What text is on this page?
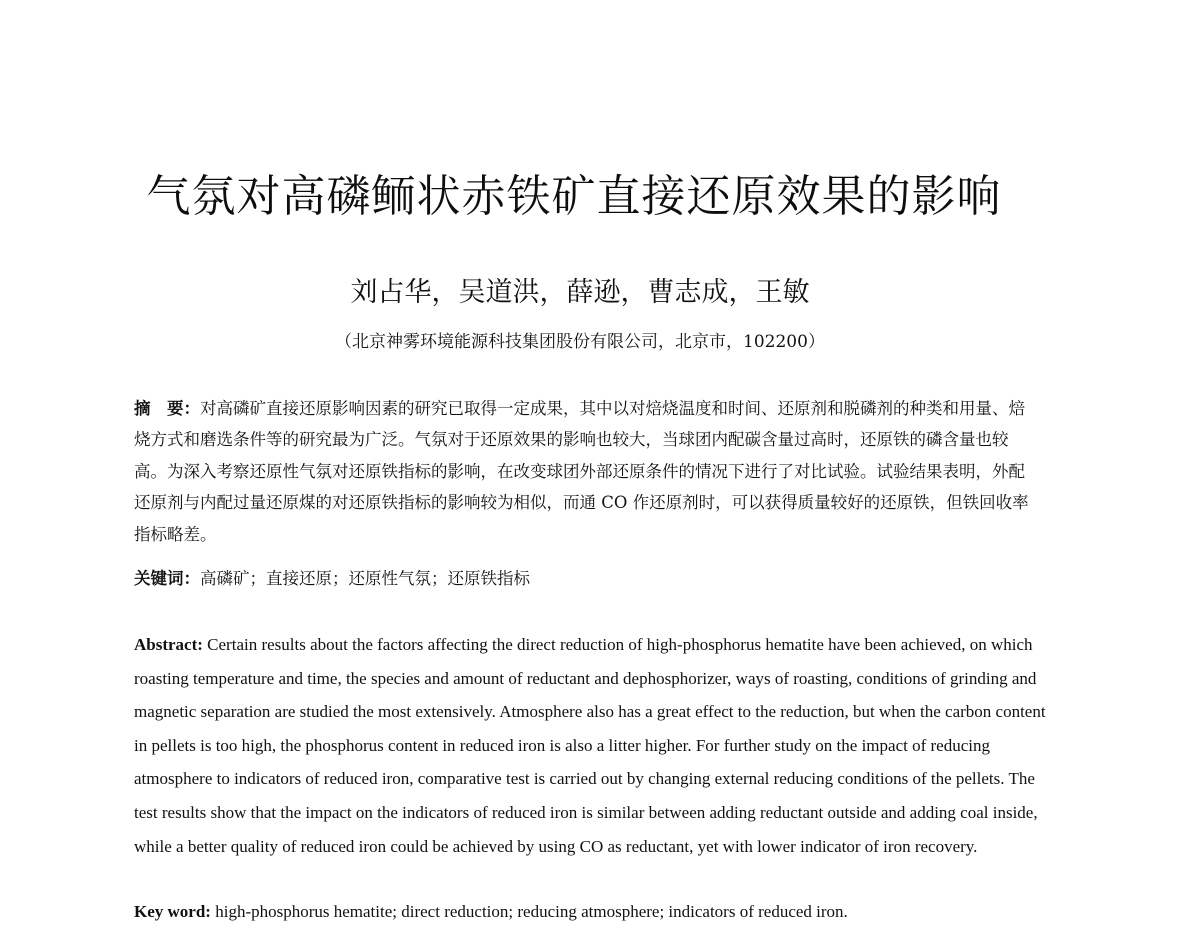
气氛对高磷鲕状赤铁矿直接还原效果的影响
刘占华，吴道洪，薛逊，曹志成，王敏
（北京神雾环境能源科技集团股份有限公司，北京市，102200）
摘　要：对高磷矿直接还原影响因素的研究已取得一定成果，其中以对焙烧温度和时间、还原剂和脱磷剂的种类和用量、焙烧方式和磨选条件等的研究最为广泛。气氛对于还原效果的影响也较大，当球团内配碳含量过高时，还原铁的磷含量也较高。为深入考察还原性气氛对还原铁指标的影响，在改变球团外部还原条件的情况下进行了对比试验。试验结果表明，外配还原剂与内配过量还原煤的对还原铁指标的影响较为相似，而通 CO 作还原剂时，可以获得质量较好的还原铁，但铁回收率指标略差。
关键词：高磷矿；直接还原；还原性气氛；还原铁指标
Abstract: Certain results about the factors affecting the direct reduction of high-phosphorus hematite have been achieved, on which roasting temperature and time, the species and amount of reductant and dephosphorizer, ways of roasting, conditions of grinding and magnetic separation are studied the most extensively. Atmosphere also has a great effect to the reduction, but when the carbon content in pellets is too high, the phosphorus content in reduced iron is also a litter higher. For further study on the impact of reducing atmosphere to indicators of reduced iron, comparative test is carried out by changing external reducing conditions of the pellets. The test results show that the impact on the indicators of reduced iron is similar between adding reductant outside and adding coal inside, while a better quality of reduced iron could be achieved by using CO as reductant, yet with lower indicator of iron recovery.
Key word: high-phosphorus hematite; direct reduction; reducing atmosphere; indicators of reduced iron.
